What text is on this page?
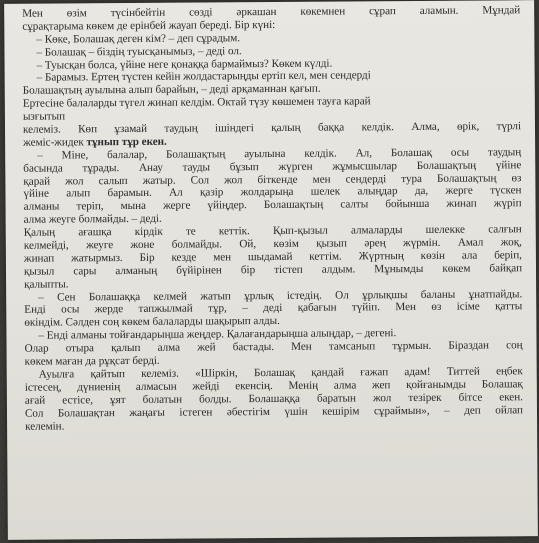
Мен өзім түсінбейтін сөзді әркашан көкемнен сұрап аламын. Мұндай
сұрақтарыма көкем де ерінбей жауап береді. Бір күні:
– Көке, Болашақ деген кім? – деп сұрадым.
– Болашақ – біздің туысқанымыз, – деді ол.
– Туысқан болса, үйіне неге қонаққа бармаймыз? Көкем күлді.
– Барамыз. Ертең түстен кейін жолдастарыңды ертіп кел, мен сендерді
Болашақтың ауылына алып барайын, – деді арқаманнан қағып.
Ертесіне балаларды түгел жинап келдім. Октай түзу көшемен тауға карай
ызғытып
келеміз. Көп ұзамай таудың ішіндегі қалың баққа келдік. Алма, өрік, түрлі
жеміс-жидек тұнып тұр екен.
– Міне, балалар, Болашақтың ауылына келдік. Ал, Болашақ осы таудың
басында тұрады. Анау тауды бұзып жүрген жұмысшылар Болашақтың үйіне
қарай жол салып жатыр. Сол жол біткенде мен сендерді тура Болашақтың өз
үйіне алып барамын. Ал қазір жолдарыңа шелек алыңдар да, жерге түскен
алманы теріп, мына жерге үйіңдер. Болашақтың салты бойынша жинап жүріп
алма жеуге болмайды. – деді.
Қалың ағашқа кірдік те кеттік. Қып-қызыл алмаларды шелекке салғын
келмейді, жеуге жоне болмайды. Ой, көзім қызып әрең жүрмін. Амал жоқ,
жинап жатырмыз. Бір кезде мен шыдамай кеттім. Жүртның көзін ала беріп,
қызыл сары алманың бүйірінен бір тістеп алдым. Мұнымды көкем байқап
қалыпты.
– Сен Болашаққа келмей жатып ұрлық істедің. Ол ұрлықшы баланы ұнатпайды.
Енді осы жерде тапжылмай тұр, – деді қабағын түйіп. Мен өз ісіме қатты
өкіндім. Сәлден соң көкем балаларды шақырып алды.
– Енді алманы тойғандарыңша жеңдер. Қалағандарыңша алыңдар, – дегені.
Олар отыра қалып алма жей бастады. Мен тамсанып тұрмын. Біраздан соң
көкем маған да рұқсат берді.
Ауылға қайтып келеміз. «Шіркін, Болашақ қандай ғажап адам! Титтей еңбек
істесең, дүниенің алмасын жейді екенсің. Менің алма жеп қойғанымды Болашақ
ағай естісе, ұят болатын болды. Болашаққа баратын жол тезірек бітсе екен.
Сол Болашақтан жаңағы істеген әбестігім үшін кешірім сұраймын», – деп ойлап
келемін.
